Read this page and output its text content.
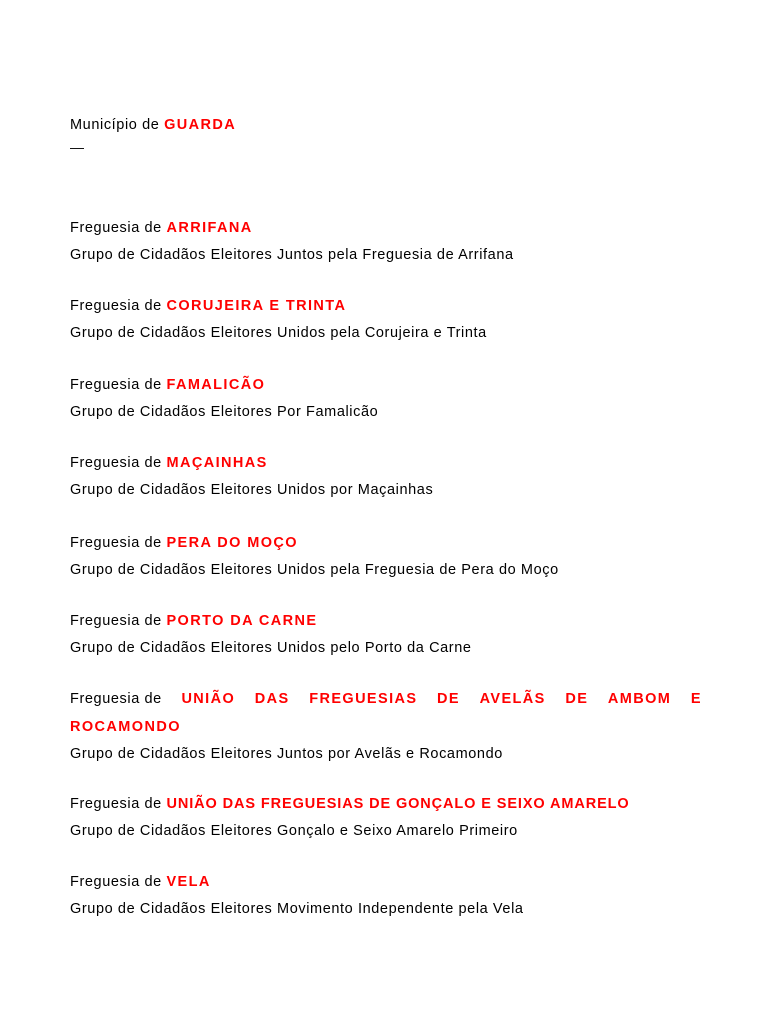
Município de GUARDA
—
Freguesia de ARRIFANA
Grupo de Cidadãos Eleitores Juntos pela Freguesia de Arrifana
Freguesia de CORUJEIRA E TRINTA
Grupo de Cidadãos Eleitores Unidos pela Corujeira e Trinta
Freguesia de FAMALICÃO
Grupo de Cidadãos Eleitores Por Famalicão
Freguesia de MAÇAINHAS
Grupo de Cidadãos Eleitores Unidos por Maçainhas
Freguesia de PERA DO MOÇO
Grupo de Cidadãos Eleitores Unidos pela Freguesia de Pera do Moço
Freguesia de PORTO DA CARNE
Grupo de Cidadãos Eleitores Unidos pelo Porto da Carne
Freguesia de UNIÃO DAS FREGUESIAS DE AVELÃS DE AMBOM E
ROCAMONDO
Grupo de Cidadãos Eleitores Juntos por Avelãs e Rocamondo
Freguesia de UNIÃO DAS FREGUESIAS DE GONÇALO E SEIXO AMARELO
Grupo de Cidadãos Eleitores Gonçalo e Seixo Amarelo Primeiro
Freguesia de VELA
Grupo de Cidadãos Eleitores Movimento Independente pela Vela
